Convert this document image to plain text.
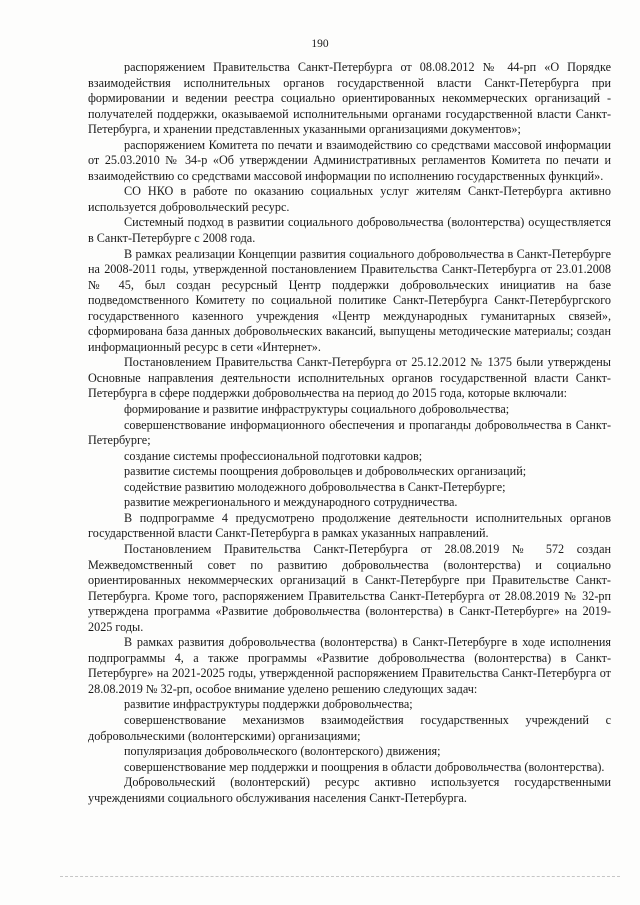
190

распоряжением Правительства Санкт-Петербурга от 08.08.2012 № 44-рп «О Порядке взаимодействия исполнительных органов государственной власти Санкт-Петербурга при формировании и ведении реестра социально ориентированных некоммерческих организаций - получателей поддержки, оказываемой исполнительными органами государственной власти Санкт-Петербурга, и хранении представленных указанными организациями документов»;

распоряжением Комитета по печати и взаимодействию со средствами массовой информации от 25.03.2010 № 34-р «Об утверждении Административных регламентов Комитета по печати и взаимодействию со средствами массовой информации по исполнению государственных функций».

СО НКО в работе по оказанию социальных услуг жителям Санкт-Петербурга активно используется добровольческий ресурс.

Системный подход в развитии социального добровольчества (волонтерства) осуществляется в Санкт-Петербурге с 2008 года.

В рамках реализации Концепции развития социального добровольчества в Санкт-Петербурге на 2008-2011 годы, утвержденной постановлением Правительства Санкт-Петербурга от 23.01.2008 № 45, был создан ресурсный Центр поддержки добровольческих инициатив на базе подведомственного Комитету по социальной политике Санкт-Петербурга Санкт-Петербургского государственного казенного учреждения «Центр международных гуманитарных связей», сформирована база данных добровольческих вакансий, выпущены методические материалы; создан информационный ресурс в сети «Интернет».

Постановлением Правительства Санкт-Петербурга от 25.12.2012 № 1375 были утверждены Основные направления деятельности исполнительных органов государственной власти Санкт-Петербурга в сфере поддержки добровольчества на период до 2015 года, которые включали:

формирование и развитие инфраструктуры социального добровольчества;

совершенствование информационного обеспечения и пропаганды добровольчества в Санкт-Петербурге;

создание системы профессиональной подготовки кадров;

развитие системы поощрения добровольцев и добровольческих организаций;

содействие развитию молодежного добровольчества в Санкт-Петербурге;

развитие межрегионального и международного сотрудничества.

В подпрограмме 4 предусмотрено продолжение деятельности исполнительных органов государственной власти Санкт-Петербурга в рамках указанных направлений.

Постановлением Правительства Санкт-Петербурга от 28.08.2019 № 572 создан Межведомственный совет по развитию добровольчества (волонтерства) и социально ориентированных некоммерческих организаций в Санкт-Петербурге при Правительстве Санкт-Петербурга. Кроме того, распоряжением Правительства Санкт-Петербурга от 28.08.2019 № 32-рп утверждена программа «Развитие добровольчества (волонтерства) в Санкт-Петербурге» на 2019-2025 годы.

В рамках развития добровольчества (волонтерства) в Санкт-Петербурге в ходе исполнения подпрограммы 4, а также программы «Развитие добровольчества (волонтерства) в Санкт-Петербурге» на 2021-2025 годы, утвержденной распоряжением Правительства Санкт-Петербурга от 28.08.2019 № 32-рп, особое внимание уделено решению следующих задач:

развитие инфраструктуры поддержки добровольчества;

совершенствование механизмов взаимодействия государственных учреждений с добровольческими (волонтерскими) организациями;

популяризация добровольческого (волонтерского) движения;

совершенствование мер поддержки и поощрения в области добровольчества (волонтерства).

Добровольческий (волонтерский) ресурс активно используется государственными учреждениями социального обслуживания населения Санкт-Петербурга.
